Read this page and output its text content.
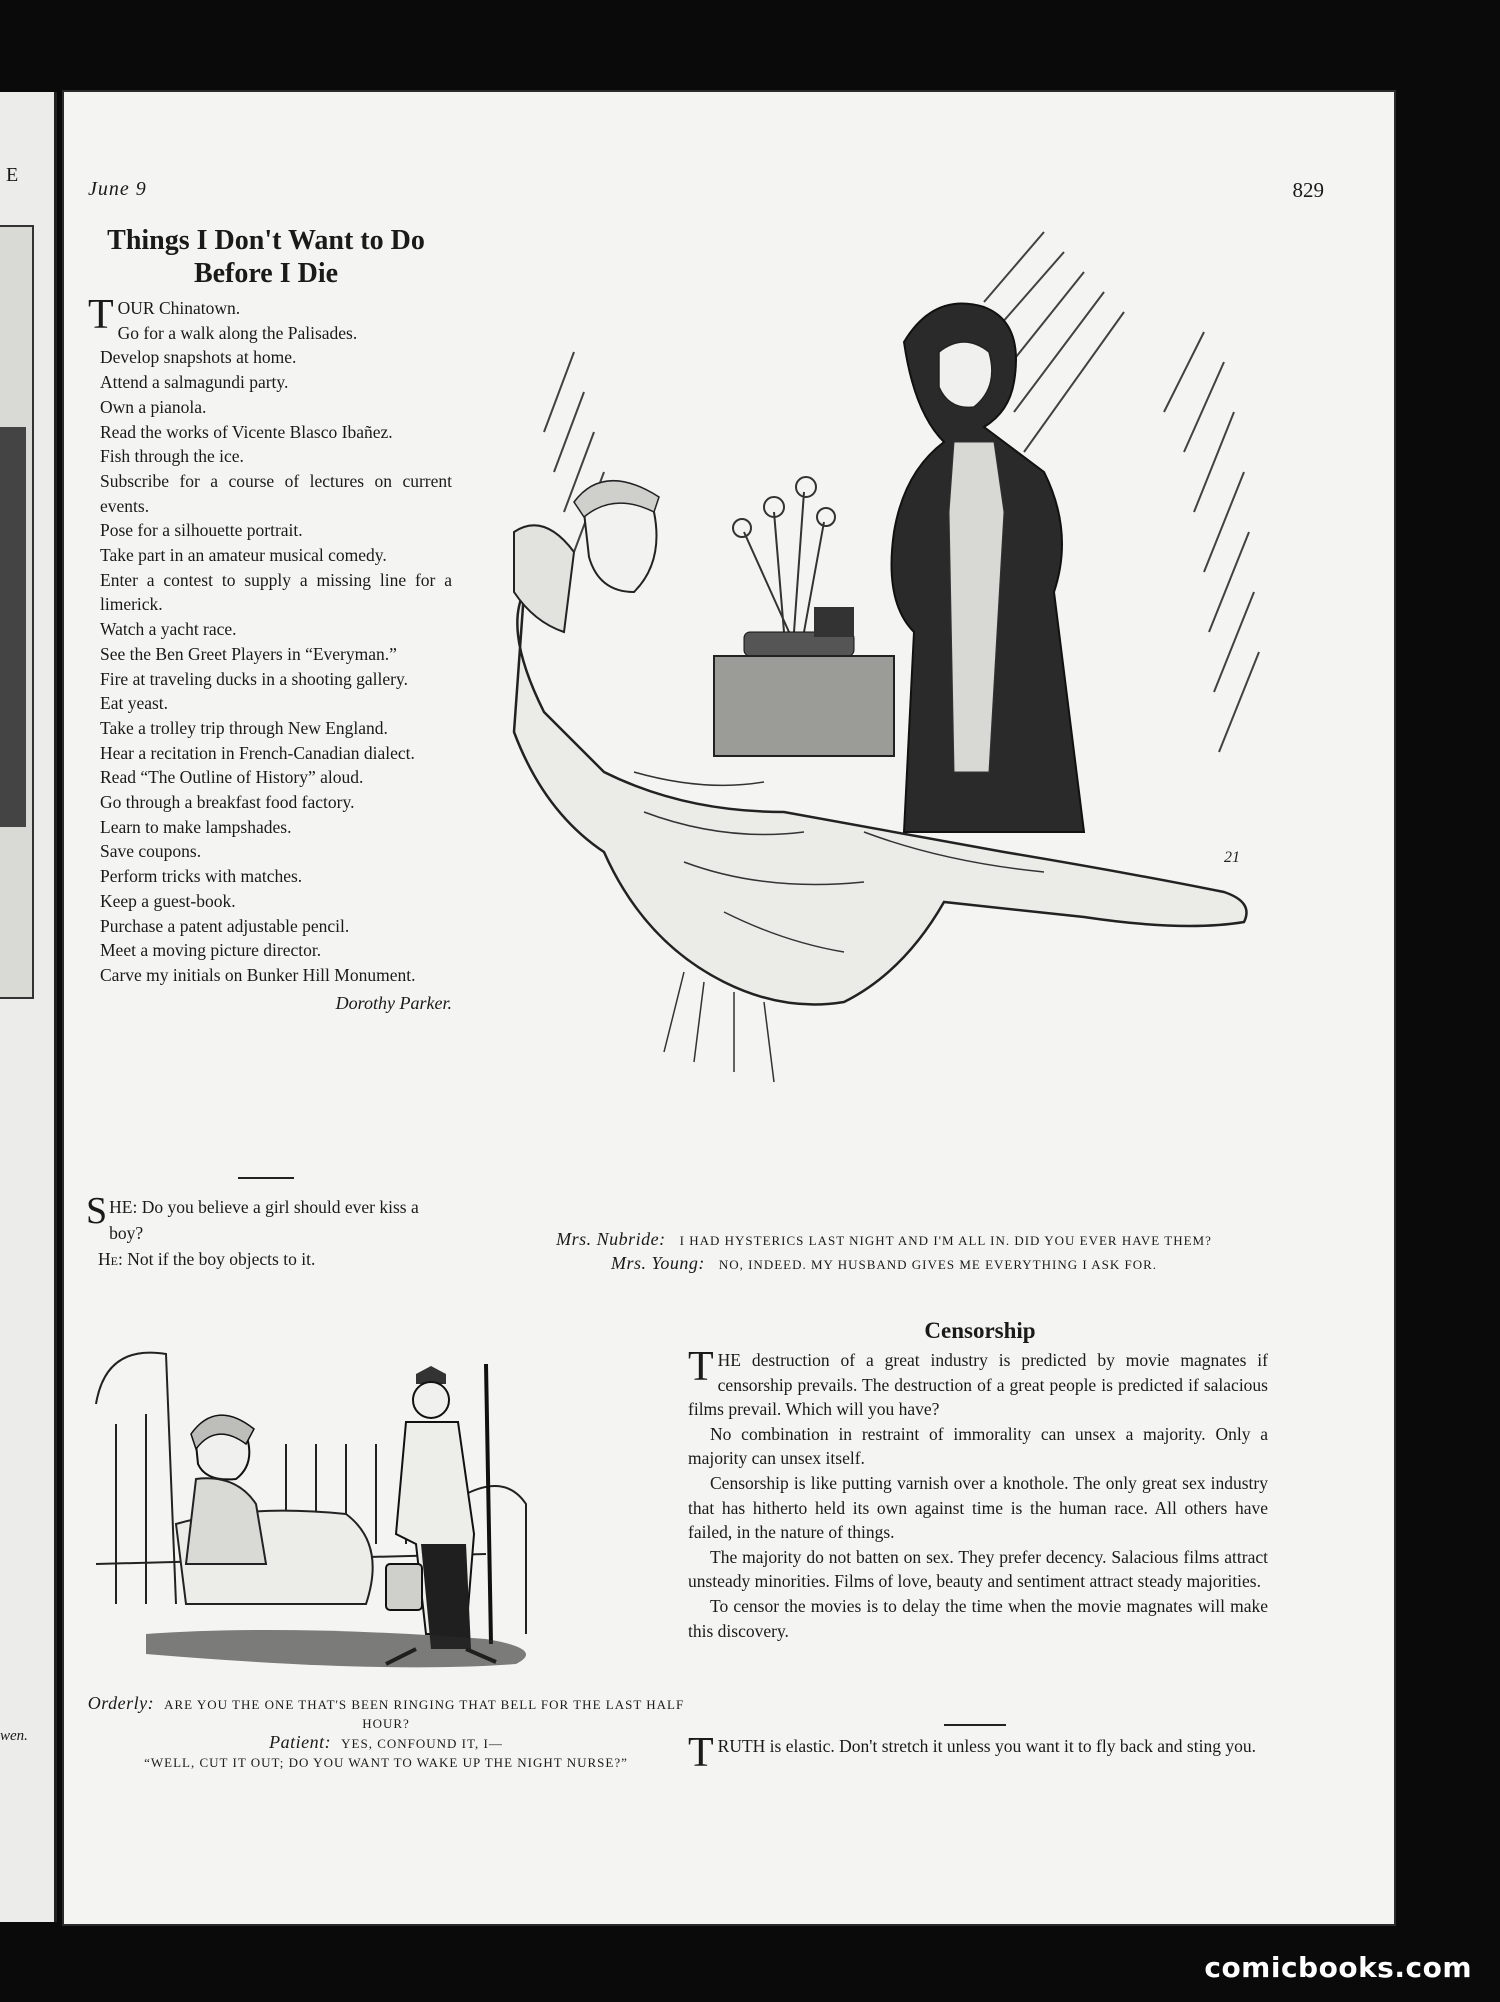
E
wen.
June 9	829
Things I Don't Want to Do
Before I Die

TOUR Chinatown.

Go for a walk along the Palisades.

Develop snapshots at home.

Attend a salmagundi party.

Own a pianola.

Read the works of Vicente Blasco Ibañez.

Fish through the ice.

Subscribe for a course of lectures on current events.

Pose for a silhouette portrait.

Take part in an amateur musical comedy.

Enter a contest to supply a missing line for a limerick.

Watch a yacht race.

See the Ben Greet Players in “Everyman.”

Fire at traveling ducks in a shooting gallery.

Eat yeast.

Take a trolley trip through New England.

Hear a recitation in French-Canadian dialect.

Read “The Outline of History” aloud.

Go through a breakfast food factory.

Learn to make lampshades.

Save coupons.

Perform tricks with matches.

Keep a guest-book.

Purchase a patent adjustable pencil.

Meet a moving picture director.

Carve my initials on Bunker Hill Monument.

Dorothy Parker.

SHE: Do you believe a girl should ever kiss a boy?

He: Not if the boy objects to it.

21
Mrs. Nubride: I HAD HYSTERICS LAST NIGHT AND I'M ALL IN. DID YOU EVER HAVE THEM?
Mrs. Young: NO, INDEED. MY HUSBAND GIVES ME EVERYTHING I ASK FOR.
Orderly: ARE YOU THE ONE THAT'S BEEN RINGING THAT BELL FOR THE LAST HALF HOUR?
Patient: YES, CONFOUND IT, I—
“WELL, CUT IT OUT; DO YOU WANT TO WAKE UP THE NIGHT NURSE?”
Censorship

THE destruction of a great industry is predicted by movie magnates if censorship prevails. The destruction of a great people is predicted if salacious films prevail. Which will you have?

No combination in restraint of immorality can unsex a majority. Only a majority can unsex itself.

Censorship is like putting varnish over a knothole. The only great sex industry that has hitherto held its own against time is the human race. All others have failed, in the nature of things.

The majority do not batten on sex. They prefer decency. Salacious films attract unsteady minorities. Films of love, beauty and sentiment attract steady majorities.

To censor the movies is to delay the time when the movie magnates will make this discovery.

TRUTH is elastic. Don't stretch it unless you want it to fly back and sting you.

comicbooks.com
